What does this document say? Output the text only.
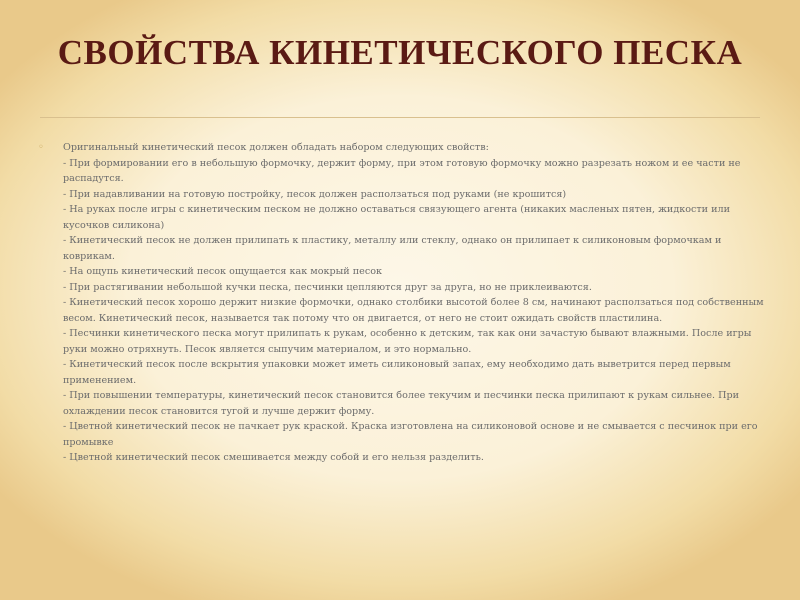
СВОЙСТВА КИНЕТИЧЕСКОГО ПЕСКА
◦ Оригинальный кинетический песок должен обладать набором следующих свойств:
- При формировании его в небольшую формочку, держит форму, при этом готовую формочку можно разрезать ножом и ее части не распадутся.
- При надавливании на готовую постройку, песок должен расползаться под руками (не крошится)
- На руках после игры с кинетическим песком не должно оставаться связующего агента (никаких масленых пятен, жидкости или кусочков силикона)
- Кинетический песок не должен прилипать к пластику, металлу или стеклу, однако он прилипает к силиконовым формочкам и коврикам.
- На ощупь кинетический песок ощущается как мокрый песок
- При растягивании небольшой кучки песка, песчинки цепляются друг за друга, но не приклеиваются.
- Кинетический песок хорошо держит низкие формочки, однако столбики высотой более 8 см, начинают расползаться под собственным весом. Кинетический песок, называется так потому что он двигается, от него не стоит ожидать свойств пластилина.
- Песчинки кинетического песка могут прилипать к рукам, особенно к детским, так как они зачастую бывают влажными. После игры руки можно отряхнуть. Песок является сыпучим материалом, и это нормально.
- Кинетический песок после вскрытия упаковки может иметь силиконовый запах, ему необходимо дать выветрится перед первым применением.
- При повышении температуры, кинетический песок становится более текучим и песчинки песка прилипают к рукам сильнее. При охлаждении песок становится тугой и лучше держит форму.
- Цветной кинетический песок не пачкает рук краской. Краска изготовлена на силиконовой основе и не смывается с песчинок при его промывке
- Цветной кинетический песок смешивается между собой и его нельзя разделить.
